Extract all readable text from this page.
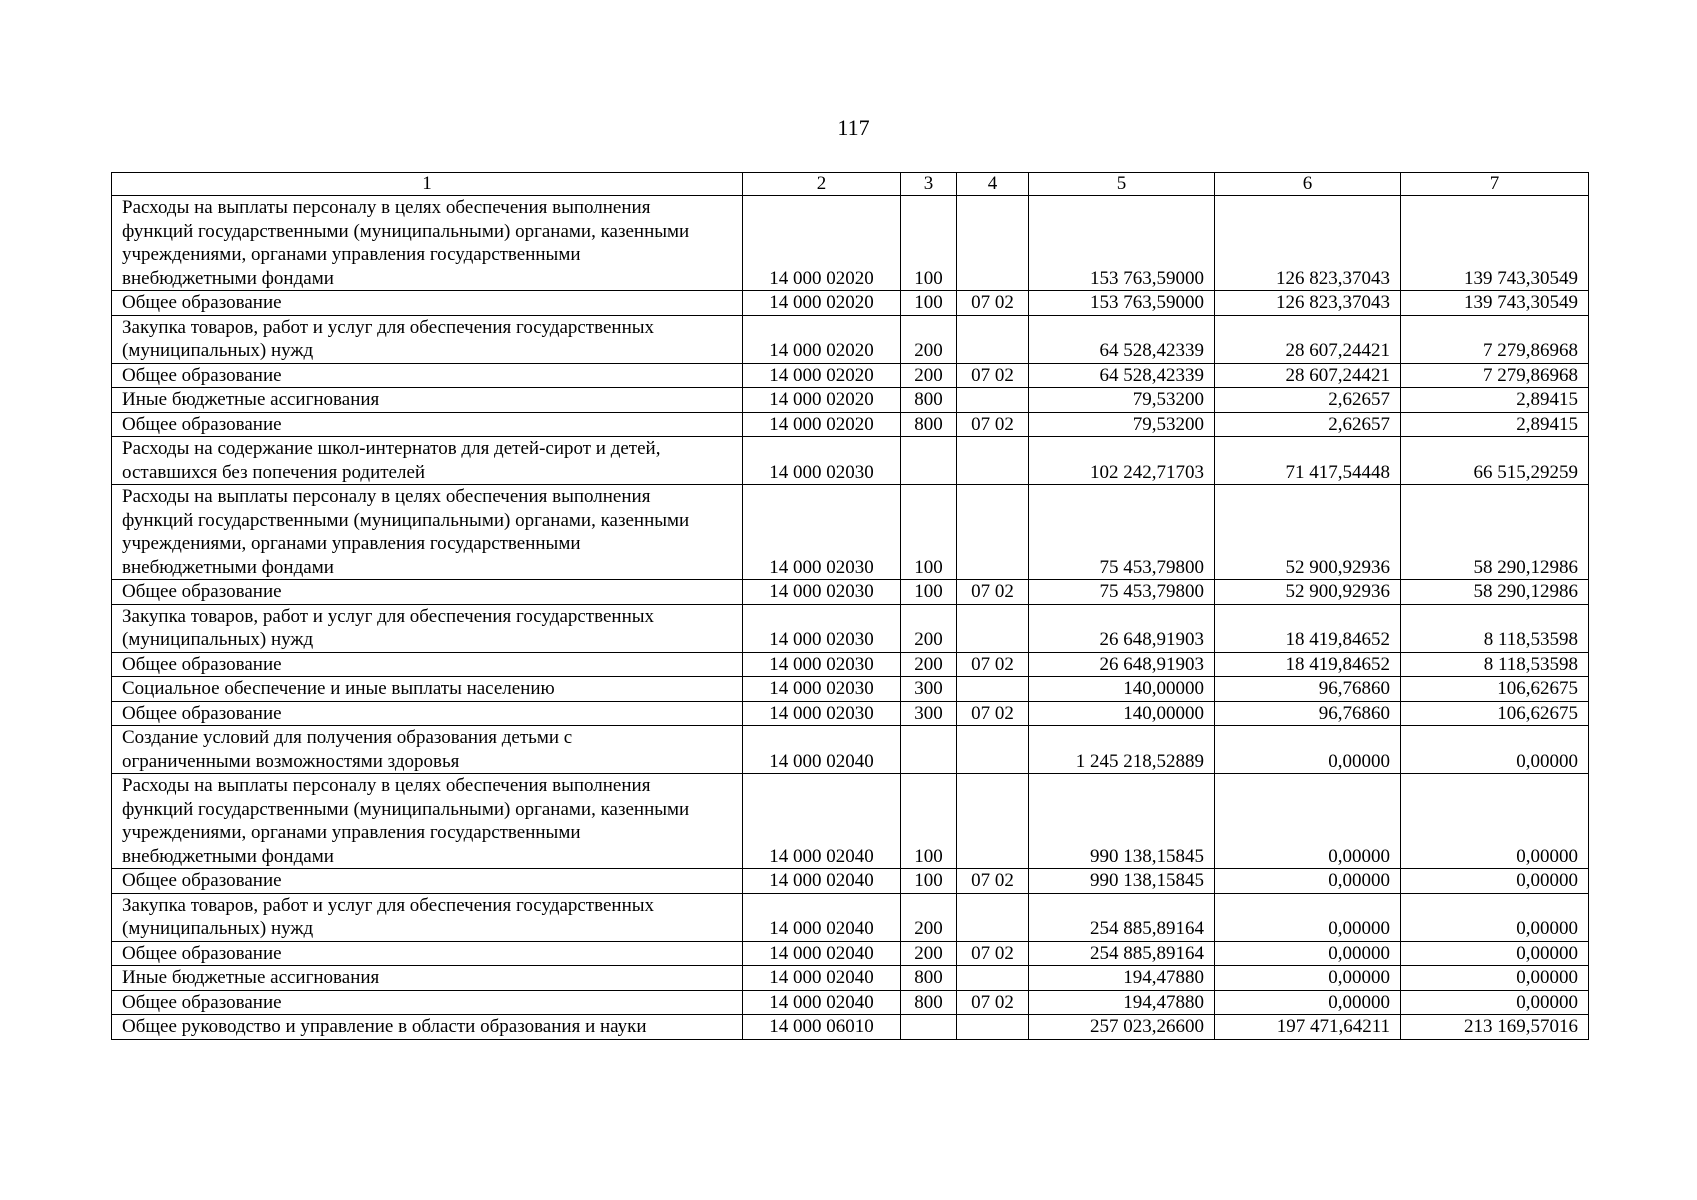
117
1	2	3	4	5	6	7
Расходы на выплаты персоналу в целях обеспечения выполнения
функций государственными (муниципальными) органами, казенными
учреждениями, органами управления государственными
внебюджетными фондами	14 000 02020	100		153 763,59000	126 823,37043	139 743,30549
Общее образование	14 000 02020	100	07 02	153 763,59000	126 823,37043	139 743,30549
Закупка товаров, работ и услуг для обеспечения государственных
(муниципальных) нужд	14 000 02020	200		64 528,42339	28 607,24421	7 279,86968
Общее образование	14 000 02020	200	07 02	64 528,42339	28 607,24421	7 279,86968
Иные бюджетные ассигнования	14 000 02020	800		79,53200	2,62657	2,89415
Общее образование	14 000 02020	800	07 02	79,53200	2,62657	2,89415
Расходы на содержание школ-интернатов для детей-сирот и детей,
оставшихся без попечения родителей	14 000 02030			102 242,71703	71 417,54448	66 515,29259
Расходы на выплаты персоналу в целях обеспечения выполнения
функций государственными (муниципальными) органами, казенными
учреждениями, органами управления государственными
внебюджетными фондами	14 000 02030	100		75 453,79800	52 900,92936	58 290,12986
Общее образование	14 000 02030	100	07 02	75 453,79800	52 900,92936	58 290,12986
Закупка товаров, работ и услуг для обеспечения государственных
(муниципальных) нужд	14 000 02030	200		26 648,91903	18 419,84652	8 118,53598
Общее образование	14 000 02030	200	07 02	26 648,91903	18 419,84652	8 118,53598
Социальное обеспечение и иные выплаты населению	14 000 02030	300		140,00000	96,76860	106,62675
Общее образование	14 000 02030	300	07 02	140,00000	96,76860	106,62675
Создание условий для получения образования детьми с
ограниченными возможностями здоровья	14 000 02040			1 245 218,52889	0,00000	0,00000
Расходы на выплаты персоналу в целях обеспечения выполнения
функций государственными (муниципальными) органами, казенными
учреждениями, органами управления государственными
внебюджетными фондами	14 000 02040	100		990 138,15845	0,00000	0,00000
Общее образование	14 000 02040	100	07 02	990 138,15845	0,00000	0,00000
Закупка товаров, работ и услуг для обеспечения государственных
(муниципальных) нужд	14 000 02040	200		254 885,89164	0,00000	0,00000
Общее образование	14 000 02040	200	07 02	254 885,89164	0,00000	0,00000
Иные бюджетные ассигнования	14 000 02040	800		194,47880	0,00000	0,00000
Общее образование	14 000 02040	800	07 02	194,47880	0,00000	0,00000
Общее руководство и управление в области образования и науки	14 000 06010			257 023,26600	197 471,64211	213 169,57016
